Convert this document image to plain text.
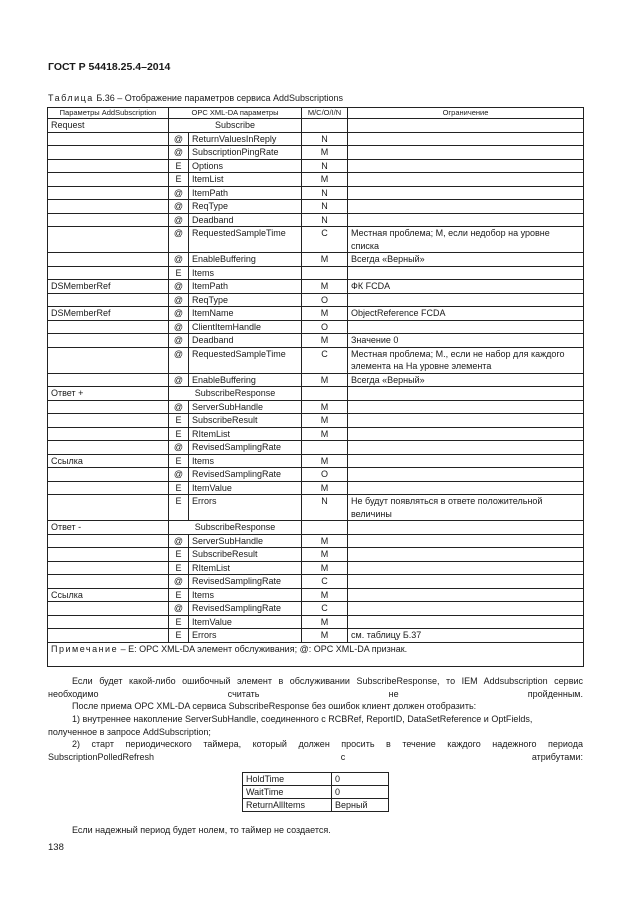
ГОСТ Р 54418.25.4–2014
Таблица Б.36 – Отображение параметров сервиса AddSubscriptions
Параметры AddSubscription	OPC XML-DA параметры		M/C/O/I/N	Ограничение
Request	Subscribe			
	@	ReturnValuesInReply	N	
	@	SubscriptionPingRate	M	
	E	Options	N	
	E	ItemList	M	
	@	ItemPath	N	
	@	ReqType	N	
	@	Deadband	N	
	@	RequestedSampleTime	C	Местная проблема; М, если недобор на уровне списка
	@	EnableBuffering	M	Всегда «Верный»
	E	Items		
DSMemberRef	@	ItemPath	M	ФК FCDA
	@	ReqType	O	
DSMemberRef	@	ItemName	M	ObjectReference FCDA
	@	ClientItemHandle	O	
	@	Deadband	M	Значение 0
	@	RequestedSampleTime	C	Местная проблема; М., если не набор для каждого элемента на На уровне элемента
	@	EnableBuffering	M	Всегда «Верный»
Ответ +	SubscribeResponse			
	@	ServerSubHandle	M	
	E	SubscribeResult	M	
	E	RItemList	M	
	@	RevisedSamplingRate		
Ссылка	E	Items	M	
	@	RevisedSamplingRate	O	
	E	ItemValue	M	
	E	Errors	N	Не будут появляться в ответе положительной величины
Ответ -	SubscribeResponse			
	@	ServerSubHandle	M	
	E	SubscribeResult	M	
	E	RItemList	M	
	@	RevisedSamplingRate	C	
Ссылка	E	Items	M	
	@	RevisedSamplingRate	C	
	E	ItemValue	M	
	E	Errors	M	см. таблицу Б.37
Примечание – E: OPC XML-DA элемент обслуживания; @: OPC XML-DA признак.				

Если будет какой-либо ошибочный элемент в обслуживании SubscribeResponse, то IEM Addsubscription сервис необходимо считать не пройденным.

После приема OPC XML-DA сервиса SubscribeResponse без ошибок клиент должен отобразить:

1) внутреннее накопление ServerSubHandle, соединенного с RCBRef, ReportID, DataSetReference и OptFields, полученное в запросе AddSubscription;

2) старт периодического таймера, который должен просить в течение каждого надежного периода SubscriptionPolledRefresh с атрибутами:

HoldTime	0
WaitTime	0
ReturnAllItems	Верный

Если надежный период будет нолем, то таймер не создается.

138
